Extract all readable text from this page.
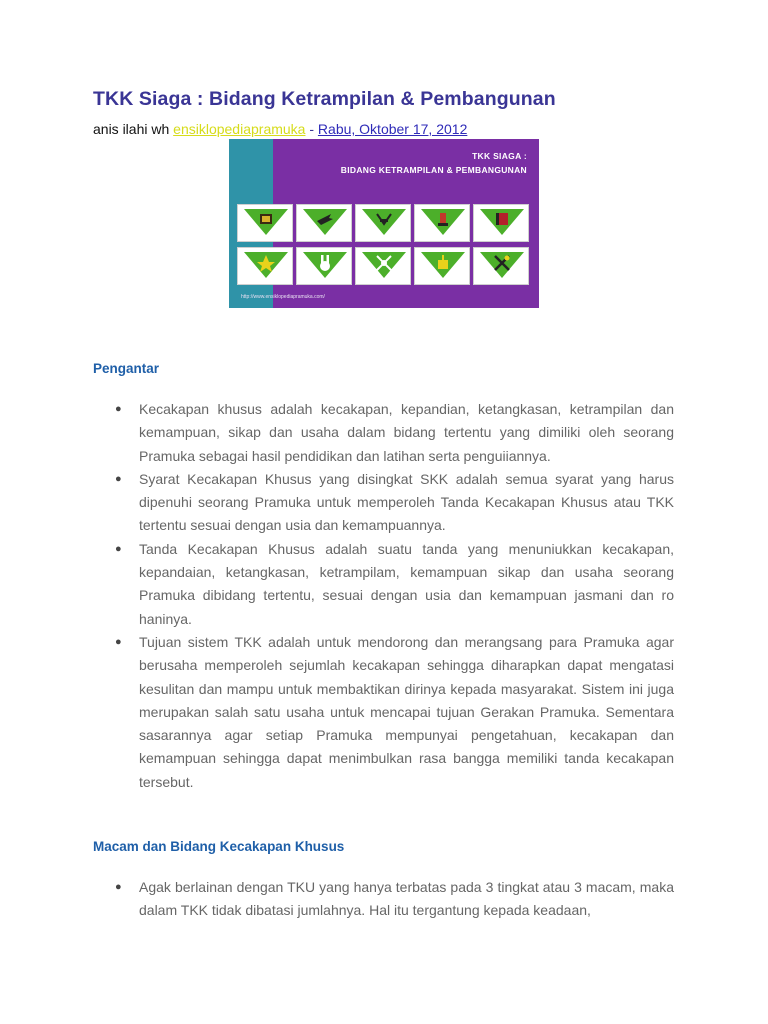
TKK Siaga : Bidang Ketrampilan & Pembangunan
anis ilahi wh ensiklopediapramuka - Rabu, Oktober 17, 2012
TKK SIAGA :
BIDANG KETRAMPILAN & PEMBANGUNAN
http://www.ensiklopediapramuka.com/
Pengantar
● Kecakapan khusus adalah kecakapan, kepandian, ketangkasan, ketrampilan dan kemampuan, sikap dan usaha dalam bidang tertentu yang dimiliki oleh seorang Pramuka sebagai hasil pendidikan dan latihan serta penguiiannya.
● Syarat Kecakapan Khusus yang disingkat SKK adalah semua syarat yang harus dipenuhi seorang Pramuka untuk memperoleh Tanda Kecakapan Khusus atau TKK tertentu sesuai dengan usia dan kemampuannya.
● Tanda Kecakapan Khusus adalah suatu tanda yang menuniukkan kecakapan, kepandaian, ketangkasan, ketrampilam, kemampuan sikap dan usaha seorang Pramuka dibidang tertentu, sesuai dengan usia dan kemampuan jasmani dan ro haninya.
● Tujuan sistem TKK adalah untuk mendorong dan merangsang para Pramuka agar berusaha memperoleh sejumlah kecakapan sehingga diharapkan dapat mengatasi kesulitan dan mampu untuk membaktikan dirinya kepada masyarakat. Sistem ini juga merupakan salah satu usaha untuk mencapai tujuan Gerakan Pramuka. Sementara sasarannya agar setiap Pramuka mempunyai pengetahuan, kecakapan dan kemampuan sehingga dapat menimbulkan rasa bangga memiliki tanda kecakapan tersebut.
Macam dan Bidang Kecakapan Khusus
● Agak berlainan dengan TKU yang hanya terbatas pada 3 tingkat atau 3 macam, maka dalam TKK tidak dibatasi jumlahnya. Hal itu tergantung kepada keadaan,
